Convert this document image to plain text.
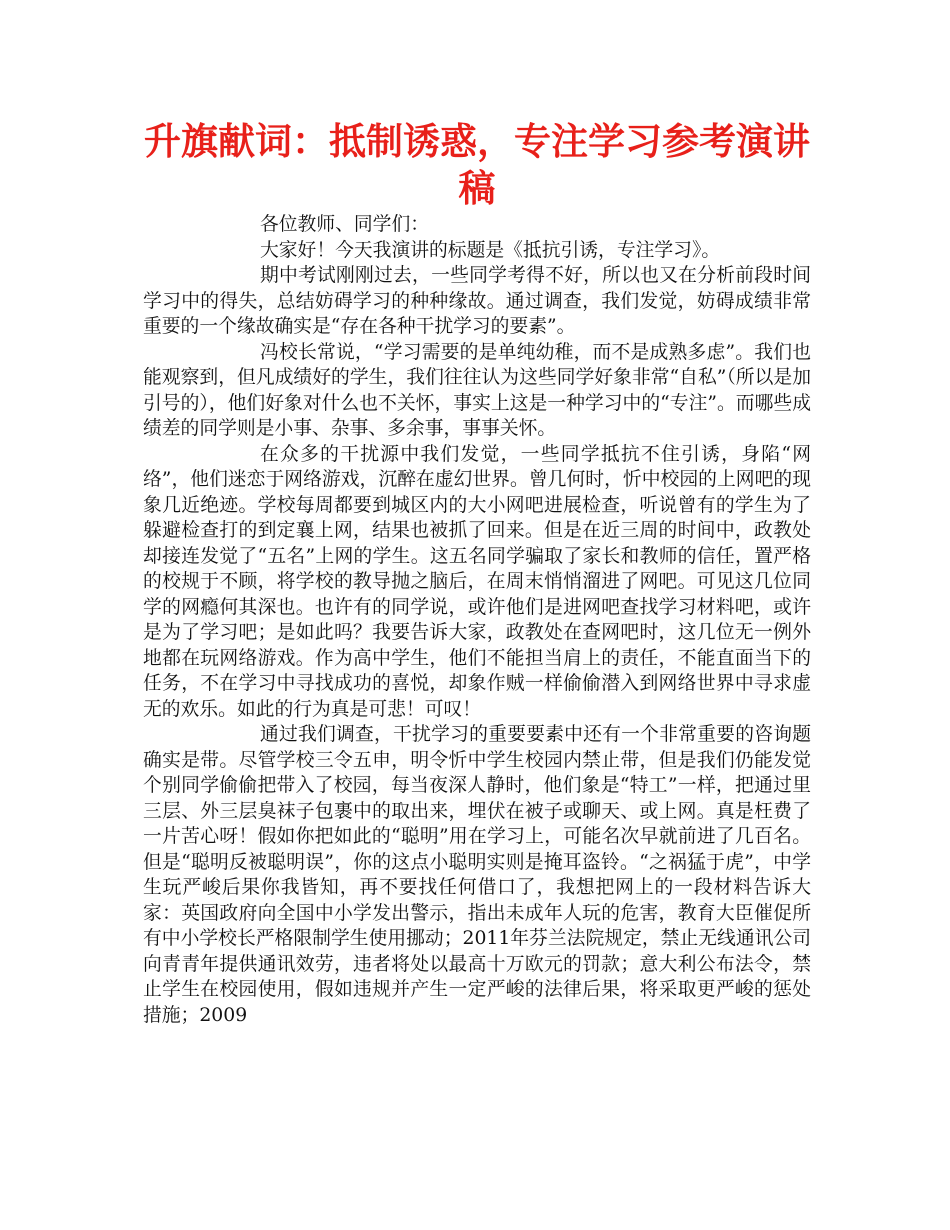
升旗献词：抵制诱惑，专注学习参考演讲稿

各位教师、同学们：

大家好！今天我演讲的标题是《抵抗引诱，专注学习》。

期中考试刚刚过去，一些同学考得不好，所以也又在分析前段时间学习中的得失，总结妨碍学习的种种缘故。通过调查，我们发觉，妨碍成绩非常重要的一个缘故确实是“存在各种干扰学习的要素”。

冯校长常说，“学习需要的是单纯幼稚，而不是成熟多虑”。我们也能观察到，但凡成绩好的学生，我们往往认为这些同学好象非常“自私”（所以是加引号的），他们好象对什么也不关怀，事实上这是一种学习中的“专注”。而哪些成绩差的同学则是小事、杂事、多余事，事事关怀。

在众多的干扰源中我们发觉，一些同学抵抗不住引诱，身陷“网络”，他们迷恋于网络游戏，沉醉在虚幻世界。曾几何时，忻中校园的上网吧的现象几近绝迹。学校每周都要到城区内的大小网吧进展检查，听说曾有的学生为了躲避检查打的到定襄上网，结果也被抓了回来。但是在近三周的时间中，政教处却接连发觉了“五名”上网的学生。这五名同学骗取了家长和教师的信任，置严格的校规于不顾，将学校的教导抛之脑后，在周末悄悄溜进了网吧。可见这几位同学的网瘾何其深也。也许有的同学说，或许他们是进网吧查找学习材料吧，或许是为了学习吧；是如此吗？我要告诉大家，政教处在查网吧时，这几位无一例外地都在玩网络游戏。作为高中学生，他们不能担当肩上的责任，不能直面当下的任务，不在学习中寻找成功的喜悦，却象作贼一样偷偷潜入到网络世界中寻求虚无的欢乐。如此的行为真是可悲！可叹！

通过我们调查，干扰学习的重要要素中还有一个非常重要的咨询题确实是带。尽管学校三令五申，明令忻中学生校园内禁止带，但是我们仍能发觉个别同学偷偷把带入了校园，每当夜深人静时，他们象是“特工”一样，把通过里三层、外三层臭袜子包裹中的取出来，埋伏在被子或聊天、或上网。真是枉费了一片苦心呀！假如你把如此的“聪明”用在学习上，可能名次早就前进了几百名。但是“聪明反被聪明误”，你的这点小聪明实则是掩耳盗铃。“之祸猛于虎”，中学生玩严峻后果你我皆知，再不要找任何借口了，我想把网上的一段材料告诉大家：英国政府向全国中小学发出警示，指出未成年人玩的危害，教育大臣催促所有中小学校长严格限制学生使用挪动；2011年芬兰法院规定，禁止无线通讯公司向青青年提供通讯效劳，违者将处以最高十万欧元的罚款；意大利公布法令，禁止学生在校园使用，假如违规并产生一定严峻的法律后果，将采取更严峻的惩处措施；2009
